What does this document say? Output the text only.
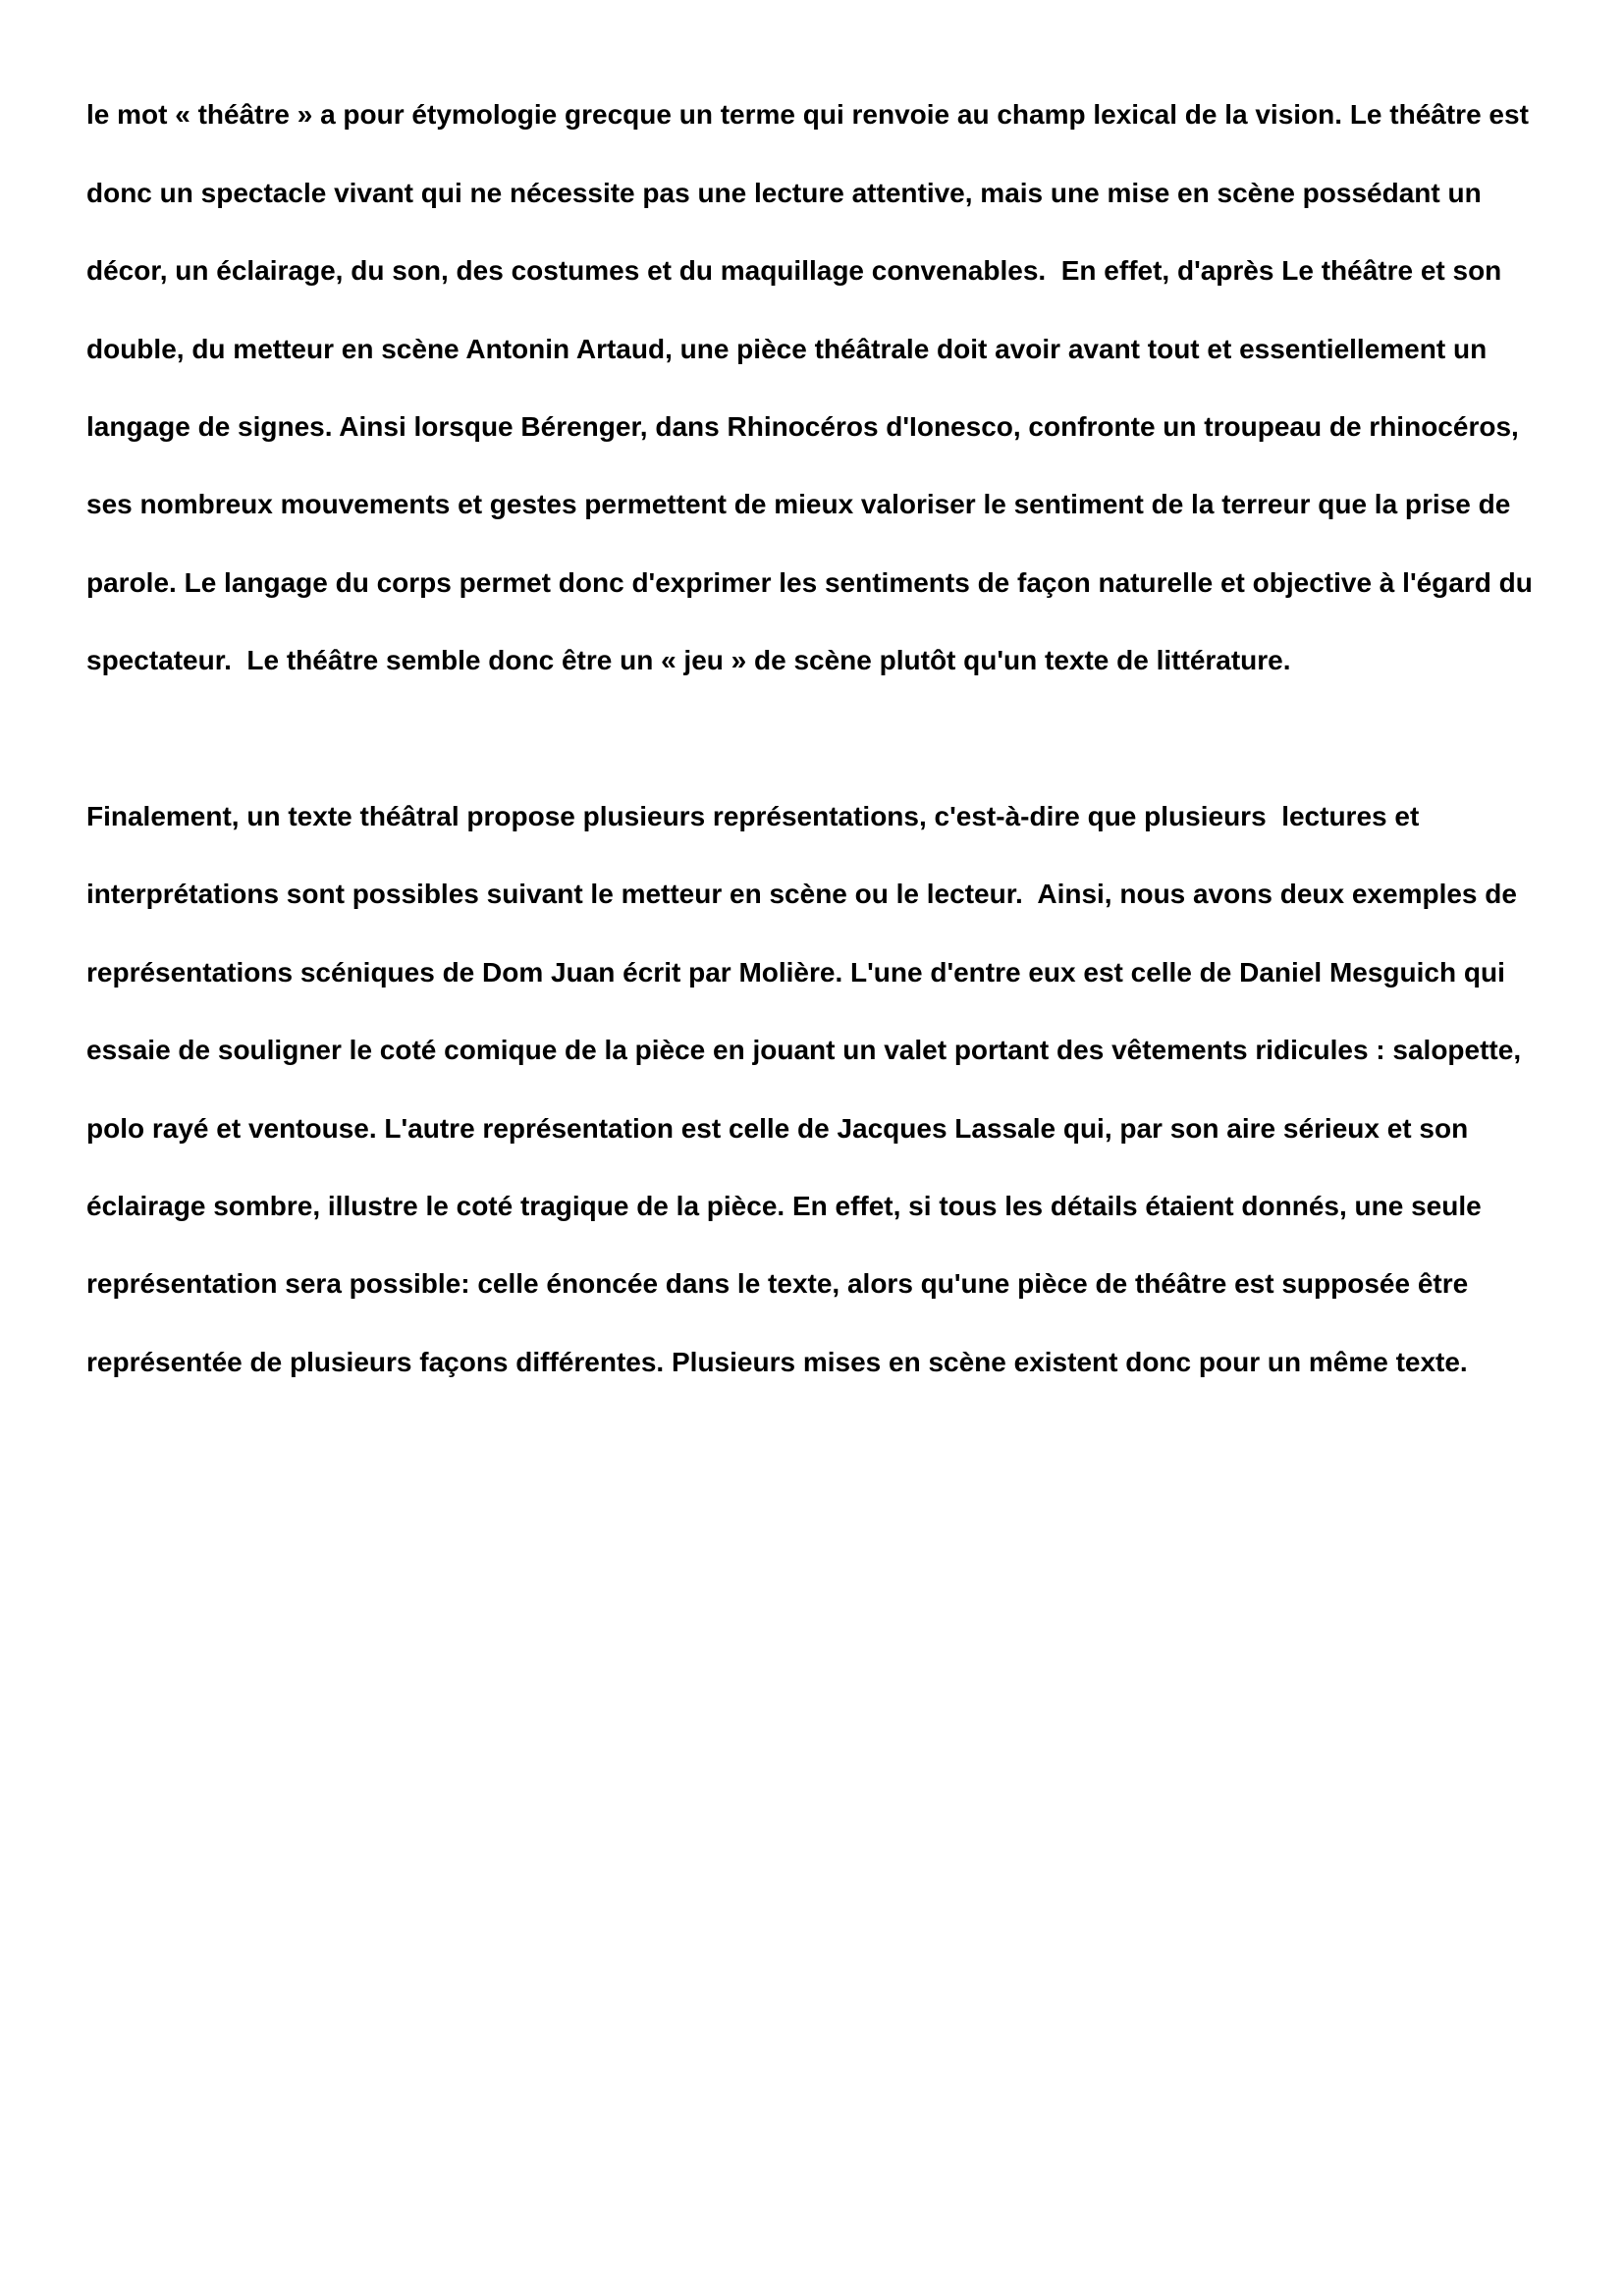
le mot « théâtre » a pour étymologie grecque un terme qui renvoie au champ lexical de la vision. Le théâtre est

donc un spectacle vivant qui ne nécessite pas une lecture attentive, mais une mise en scène possédant un

décor, un éclairage, du son, des costumes et du maquillage convenables.  En effet, d'après Le théâtre et son

double, du metteur en scène Antonin Artaud, une pièce théâtrale doit avoir avant tout et essentiellement un

langage de signes. Ainsi lorsque Bérenger, dans Rhinocéros d'Ionesco, confronte un troupeau de rhinocéros,

ses nombreux mouvements et gestes permettent de mieux valoriser le sentiment de la terreur que la prise de

parole. Le langage du corps permet donc d'exprimer les sentiments de façon naturelle et objective à l'égard du

spectateur.  Le théâtre semble donc être un « jeu » de scène plutôt qu'un texte de littérature.

Finalement, un texte théâtral propose plusieurs représentations, c'est-à-dire que plusieurs  lectures et

interprétations sont possibles suivant le metteur en scène ou le lecteur.  Ainsi, nous avons deux exemples de

représentations scéniques de Dom Juan écrit par Molière. L'une d'entre eux est celle de Daniel Mesguich qui

essaie de souligner le coté comique de la pièce en jouant un valet portant des vêtements ridicules : salopette,

polo rayé et ventouse. L'autre représentation est celle de Jacques Lassale qui, par son aire sérieux et son

éclairage sombre, illustre le coté tragique de la pièce. En effet, si tous les détails étaient donnés, une seule

représentation sera possible: celle énoncée dans le texte, alors qu'une pièce de théâtre est supposée être

représentée de plusieurs façons différentes. Plusieurs mises en scène existent donc pour un même texte.
